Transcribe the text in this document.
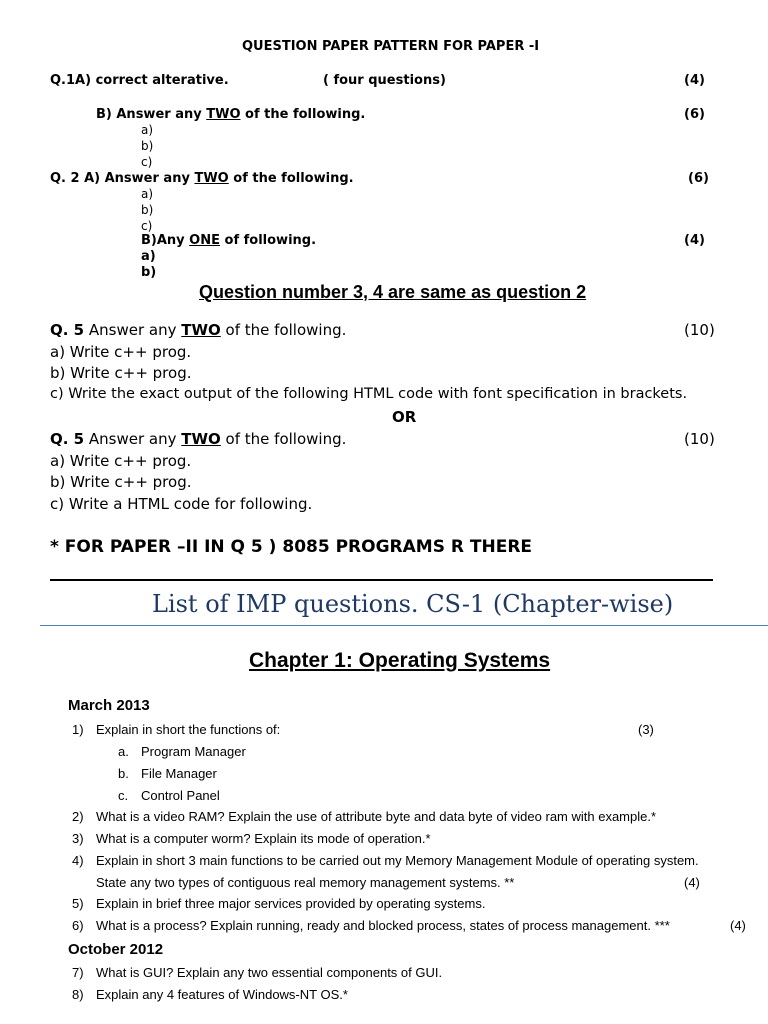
QUESTION PAPER PATTERN FOR PAPER -I
Q.1A) correct alterative.	( four questions)	(4)
B) Answer any TWO of the following.	(6)
a)
b)
c)
Q. 2 A) Answer any TWO of the following.	(6)
a)
b)
c)
B)Any ONE of following.	(4)
a)
b)
Question number 3, 4 are same as question 2
Q. 5 Answer any TWO of the following.	(10)
a) Write c++ prog.
b) Write c++ prog.
c) Write the exact output of the following HTML code with font specification in brackets.
OR
Q. 5 Answer any TWO of the following.	(10)
a) Write c++ prog.
b) Write c++ prog.
c) Write a HTML code for following.
* FOR PAPER –II IN Q 5 ) 8085 PROGRAMS R THERE
List of IMP questions. CS-1 (Chapter-wise)
Chapter 1: Operating Systems
March 2013
1) Explain in short the functions of:	(3)
a. Program Manager
b. File Manager
c. Control Panel
2) What is a video RAM? Explain the use of attribute byte and data byte of video ram with example.*
3) What is a computer worm? Explain its mode of operation.*
4) Explain in short 3 main functions to be carried out my Memory Management Module of operating system.
State any two types of contiguous real memory management systems. **	(4)
5) Explain in brief three major services provided by operating systems.
6) What is a process? Explain running, ready and blocked process, states of process management. ***	(4)
October 2012
7) What is GUI? Explain any two essential components of GUI.
8) Explain any 4 features of Windows-NT OS.*
